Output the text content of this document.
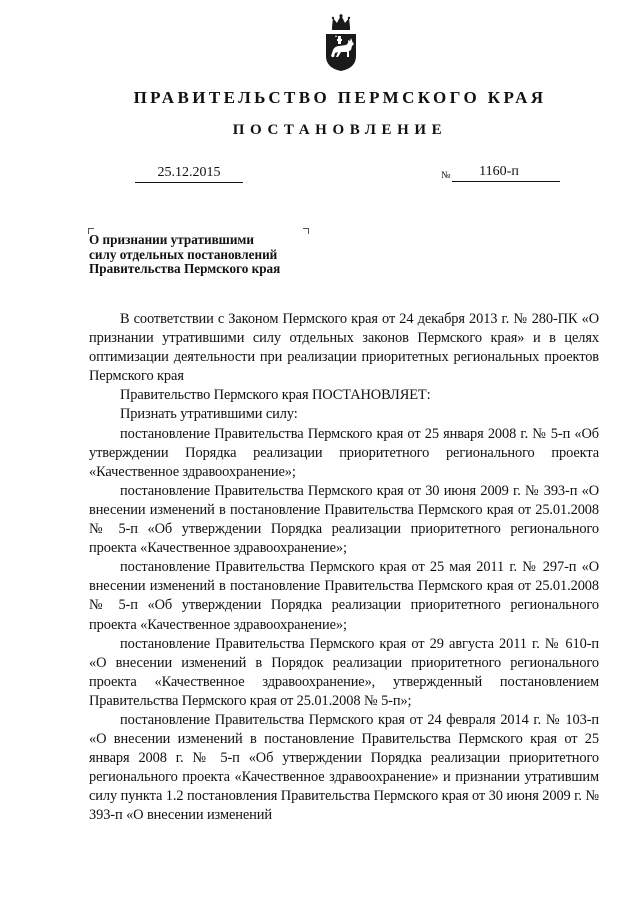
ПРАВИТЕЛЬСТВО ПЕРМСКОГО КРАЯ
ПОСТАНОВЛЕНИЕ
25.12.2015	№	1160-п
О признании утратившими
силу отдельных постановлений
Правительства Пермского края

В соответствии с Законом Пермского края от 24 декабря 2013 г. № 280-ПК «О признании утратившими силу отдельных законов Пермского края» и в целях оптимизации деятельности при реализации приоритетных региональных проектов Пермского края

Правительство Пермского края ПОСТАНОВЛЯЕТ:

Признать утратившими силу:

постановление Правительства Пермского края от 25 января 2008 г. № 5-п «Об утверждении Порядка реализации приоритетного регионального проекта «Качественное здравоохранение»;

постановление Правительства Пермского края от 30 июня 2009 г. № 393-п «О внесении изменений в постановление Правительства Пермского края от 25.01.2008 № 5-п «Об утверждении Порядка реализации приоритетного регионального проекта «Качественное здравоохранение»;

постановление Правительства Пермского края от 25 мая 2011 г. № 297-п «О внесении изменений в постановление Правительства Пермского края от 25.01.2008 № 5-п «Об утверждении Порядка реализации приоритетного регионального проекта «Качественное здравоохранение»;

постановление Правительства Пермского края от 29 августа 2011 г. № 610-п «О внесении изменений в Порядок реализации приоритетного регионального проекта «Качественное здравоохранение», утвержденный постановлением Правительства Пермского края от 25.01.2008 № 5-п»;

постановление Правительства Пермского края от 24 февраля 2014 г. № 103-п «О внесении изменений в постановление Правительства Пермского края от 25 января 2008 г. № 5-п «Об утверждении Порядка реализации приоритетного регионального проекта «Качественное здравоохранение» и признании утратившим силу пункта 1.2 постановления Правительства Пермского края от 30 июня 2009 г. № 393-п «О внесении изменений
